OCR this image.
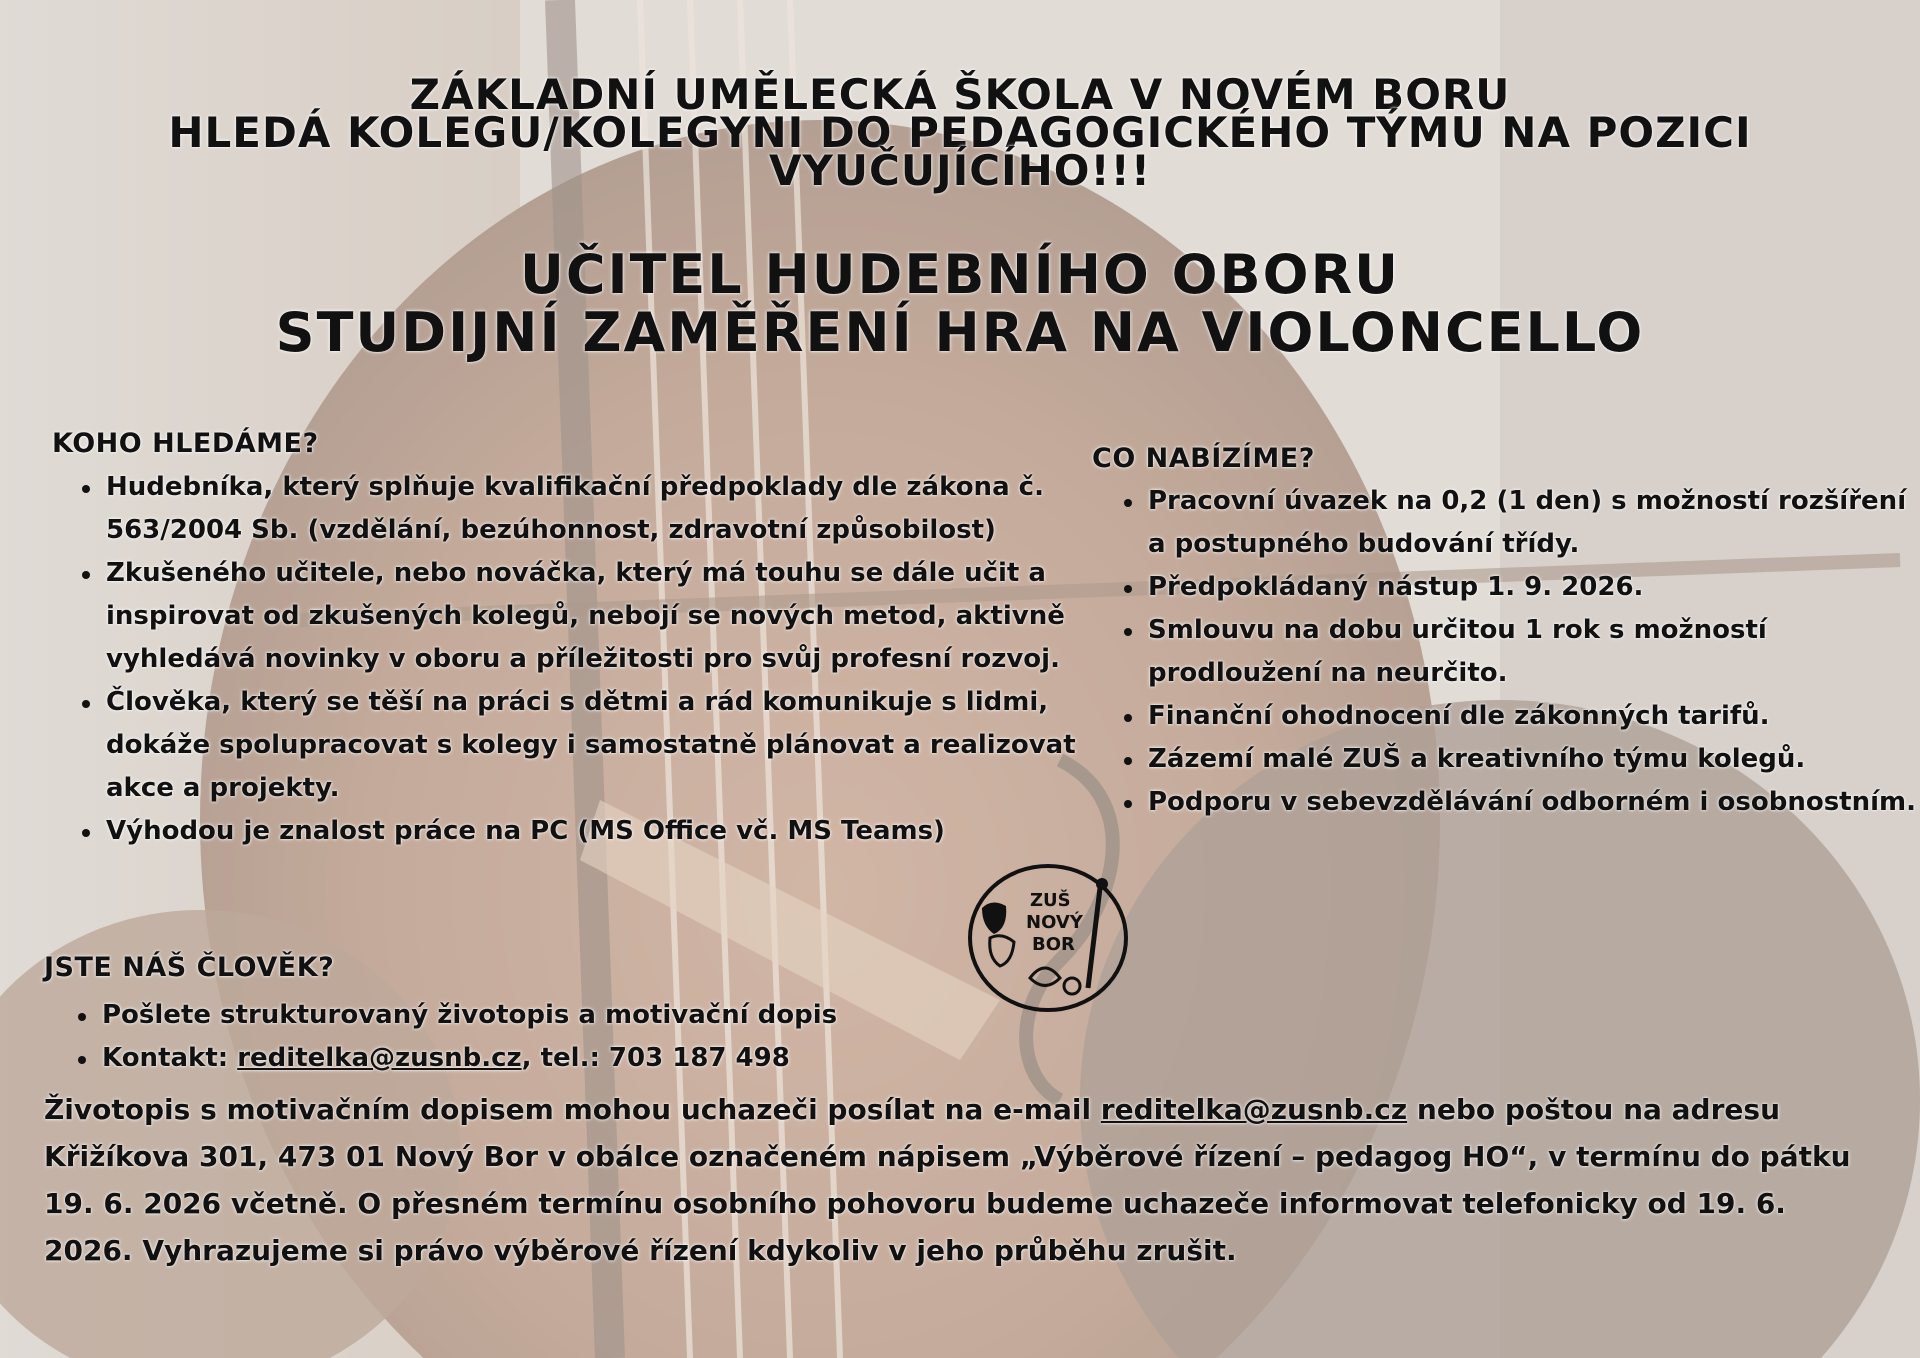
ZÁKLADNÍ UMĚLECKÁ ŠKOLA V NOVÉM BORU
HLEDÁ KOLEGU/KOLEGYNI DO PEDAGOGICKÉHO TÝMU NA POZICI
VYUČUJÍCÍHO!!!
UČITEL HUDEBNÍHO OBORU
STUDIJNÍ ZAMĚŘENÍ HRA NA VIOLONCELLO
KOHO HLEDÁME?
Hudebníka, který splňuje kvalifikační předpoklady dle zákona č. 563/2004 Sb. (vzdělání, bezúhonnost, zdravotní způsobilost)
Zkušeného učitele, nebo nováčka, který má touhu se dále učit a inspirovat od zkušených kolegů, nebojí se nových metod, aktivně vyhledává novinky v oboru a příležitosti pro svůj profesní rozvoj.
Člověka, který se těší na práci s dětmi a rád komunikuje s lidmi, dokáže spolupracovat s kolegy i samostatně plánovat a realizovat akce a projekty.
Výhodou je znalost práce na PC (MS Office vč. MS Teams)
CO NABÍZÍME?
Pracovní úvazek na 0,2 (1 den) s možností rozšíření a postupného budování třídy.
Předpokládaný nástup 1. 9. 2026.
Smlouvu na dobu určitou 1 rok s možností prodloužení na neurčito.
Finanční ohodnocení dle zákonných tarifů.
Zázemí malé ZUŠ a kreativního týmu kolegů.
Podporu v sebevzdělávání odborném i osobnostním.
ZUŠ
NOVÝ
BOR
JSTE NÁŠ ČLOVĚK?
Pošlete strukturovaný životopis a motivační dopis
Kontakt: reditelka@zusnb.cz, tel.: 703 187 498
Životopis s motivačním dopisem mohou uchazeči posílat na e-mail reditelka@zusnb.cz nebo poštou na adresu Křižíkova 301, 473 01 Nový Bor v obálce označeném nápisem „Výběrové řízení – pedagog HO“, v termínu do pátku 19. 6. 2026 včetně. O přesném termínu osobního pohovoru budeme uchazeče informovat telefonicky od 19. 6. 2026. Vyhrazujeme si právo výběrové řízení kdykoliv v jeho průběhu zrušit.
